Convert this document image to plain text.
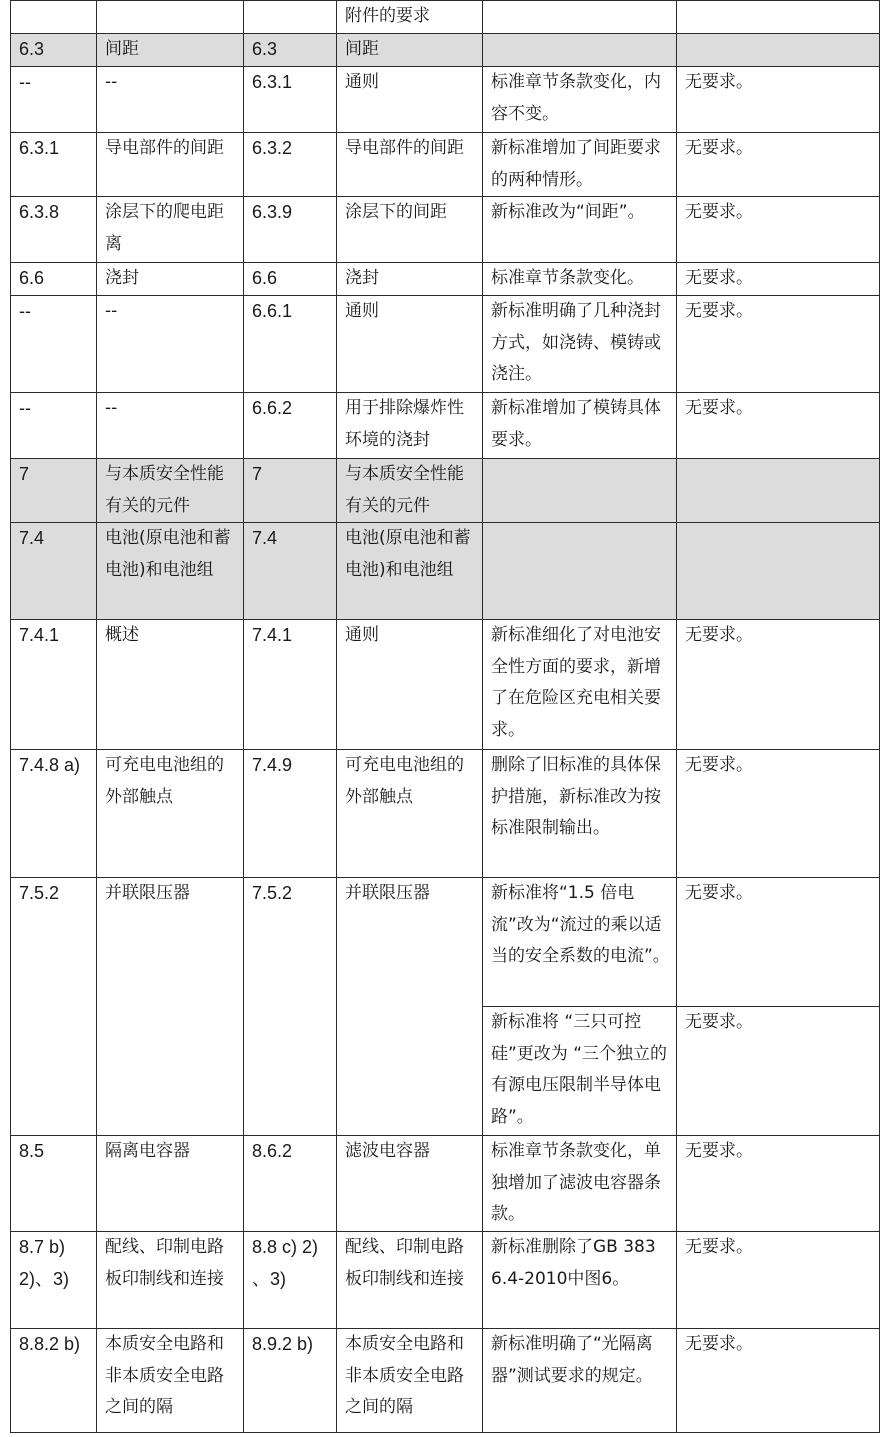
			附件的要求		
6.3	间距	6.3	间距		
--	--	6.3.1	通则	标准章节条款变化，内容不变。	无要求。
6.3.1	导电部件的间距	6.3.2	导电部件的间距	新标准增加了间距要求的两种情形。	无要求。
6.3.8	涂层下的爬电距离	6.3.9	涂层下的间距	新标准改为“间距”。	无要求。
6.6	浇封	6.6	浇封	标准章节条款变化。	无要求。
--	--	6.6.1	通则	新标准明确了几种浇封方式，如浇铸、模铸或浇注。	无要求。
--	--	6.6.2	用于排除爆炸性环境的浇封	新标准增加了模铸具体要求。	无要求。
7	与本质安全性能有关的元件	7	与本质安全性能有关的元件		
7.4	电池(原电池和蓄电池)和电池组	7.4	电池(原电池和蓄电池)和电池组		
7.4.1	概述	7.4.1	通则	新标准细化了对电池安全性方面的要求，新增了在危险区充电相关要求。	无要求。
7.4.8 a)	可充电电池组的外部触点	7.4.9	可充电电池组的外部触点	删除了旧标准的具体保护措施，新标准改为按标准限制输出。	无要求。
7.5.2	并联限压器	7.5.2	并联限压器	新标准将“1.5 倍电流”改为“流过的乘以适当的安全系数的电流”。	无要求。
				新标准将 “三只可控硅”更改为 “三个独立的有源电压限制半导体电路”。	无要求。
8.5	隔离电容器	8.6.2	滤波电容器	标准章节条款变化，单独增加了滤波电容器条款。	无要求。
8.7 b) 2)、3)	配线、印制电路板印制线和连接	8.8 c) 2) 、3)	配线、印制电路板印制线和连接	新标准删除了GB 3836.4-2010中图6。	无要求。
8.8.2 b)	本质安全电路和非本质安全电路之间的隔	8.9.2 b)	本质安全电路和非本质安全电路之间的隔	新标准明确了“光隔离器”测试要求的规定。	无要求。
